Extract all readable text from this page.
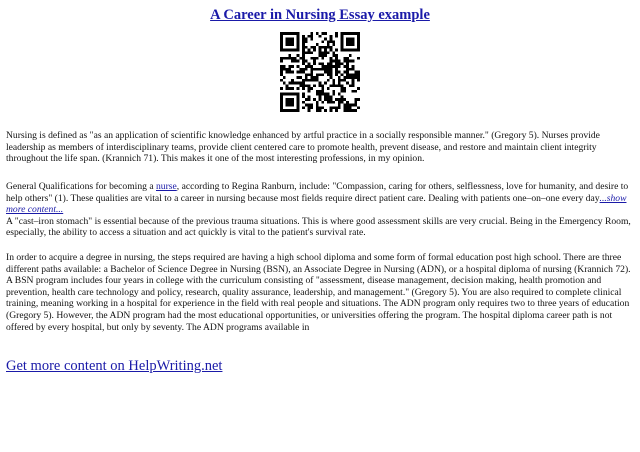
A Career in Nursing Essay example

Nursing is defined as "as an application of scientific knowledge enhanced by artful practice in a socially responsible manner." (Gregory 5). Nurses provide leadership as members of interdisciplinary teams, provide client centered care to promote health, prevent disease, and restore and maintain client integrity throughout the life span. (Krannich 71). This makes it one of the most interesting professions, in my opinion.

General Qualifications for becoming a nurse, according to Regina Ranburn, include: "Compassion, caring for others, selflessness, love for humanity, and desire to help others" (1). These qualities are vital to a career in nursing because most fields require direct patient care. Dealing with patients one–on–one every day...show more content...
A "cast–iron stomach" is essential because of the previous trauma situations. This is where good assessment skills are very crucial. Being in the Emergency Room, especially, the ability to access a situation and act quickly is vital to the patient's survival rate.

In order to acquire a degree in nursing, the steps required are having a high school diploma and some form of formal education post high school. There are three different paths available: a Bachelor of Science Degree in Nursing (BSN), an Associate Degree in Nursing (ADN), or a hospital diploma of nursing (Krannich 72). A BSN program includes four years in college with the curriculum consisting of "assessment, disease management, decision making, health promotion and prevention, health care technology and policy, research, quality assurance, leadership, and management." (Gregory 5). You are also required to complete clinical training, meaning working in a hospital for experience in the field with real people and situations. The ADN program only requires two to three years of education (Gregory 5). However, the ADN program had the most educational opportunities, or universities offering the program. The hospital diploma career path is not offered by every hospital, but only by seventy. The ADN programs available in

Get more content on HelpWriting.net
